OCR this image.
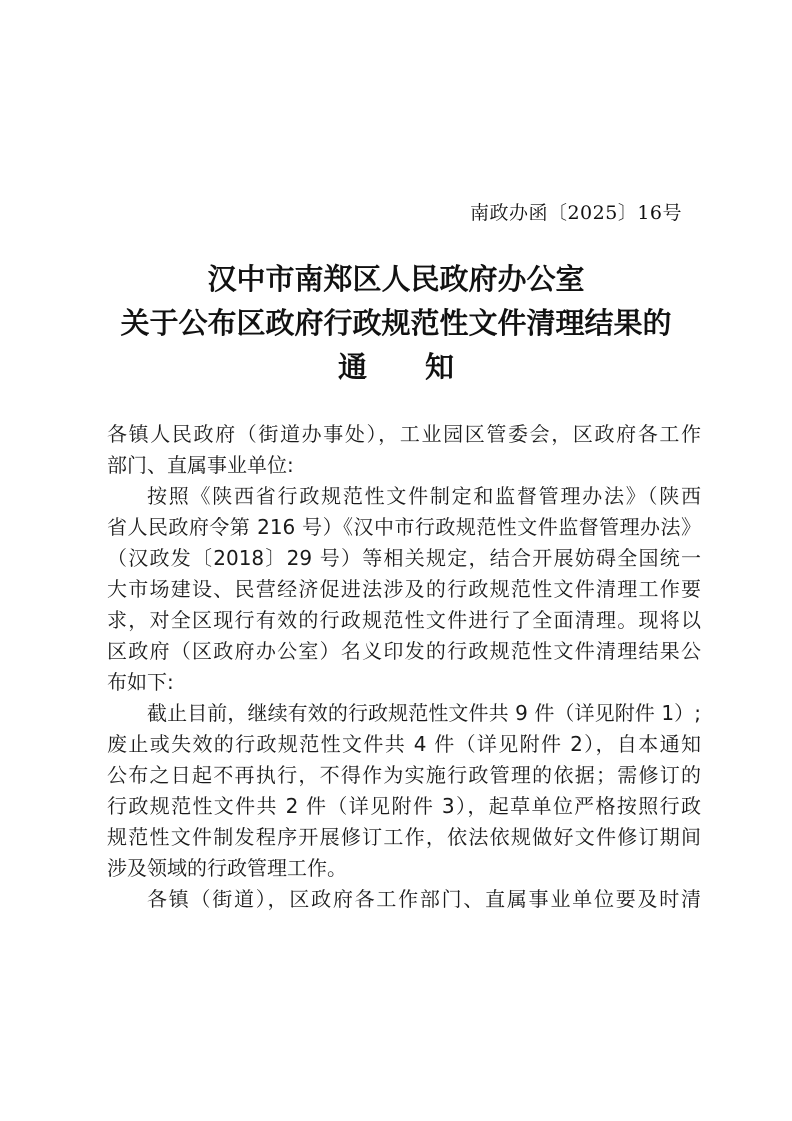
南政办函〔2025〕16号
汉中市南郑区人民政府办公室
关于公布区政府行政规范性文件清理结果的
通 知
各镇人民政府（街道办事处），工业园区管委会，区政府各工作
部门、直属事业单位:
按照《陕西省行政规范性文件制定和监督管理办法》（陕西
省人民政府令第 216 号）《汉中市行政规范性文件监督管理办法》
（汉政发〔2018〕29 号）等相关规定，结合开展妨碍全国统一
大市场建设、民营经济促进法涉及的行政规范性文件清理工作要
求，对全区现行有效的行政规范性文件进行了全面清理。现将以
区政府（区政府办公室）名义印发的行政规范性文件清理结果公
布如下:
截止目前，继续有效的行政规范性文件共 9 件（详见附件 1）;
废止或失效的行政规范性文件共 4 件（详见附件 2），自本通知
公布之日起不再执行，不得作为实施行政管理的依据；需修订的
行政规范性文件共 2 件（详见附件 3），起草单位严格按照行政
规范性文件制发程序开展修订工作，依法依规做好文件修订期间
涉及领域的行政管理工作。
各镇（街道），区政府各工作部门、直属事业单位要及时清
